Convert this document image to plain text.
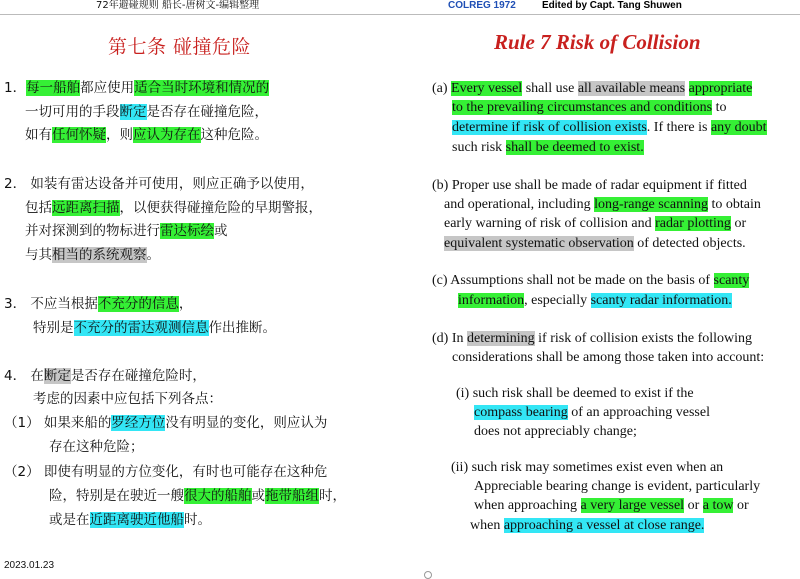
72年避碰规则 船长-唐树文-编辑整理	COLREG 1972	Edited by Capt. Tang Shuwen
第七条 碰撞危险	Rule 7 Risk of Collision
1．每一船舶都应使用适合当时环境和情况的
一切可用的手段断定是否存在碰撞危险，
如有任何怀疑，则应认为存在这种危险。
2． 如装有雷达设备并可使用，则应正确予以使用，
包括远距离扫描，以便获得碰撞危险的早期警报，
并对探测到的物标进行雷达标绘或
与其相当的系统观察。
3． 不应当根据不充分的信息，
特别是不充分的雷达观测信息作出推断。
4． 在断定是否存在碰撞危险时，
考虑的因素中应包括下列各点：
（1） 如果来船的罗经方位没有明显的变化，则应认为
存在这种危险；
（2） 即使有明显的方位变化，有时也可能存在这种危
险，特别是在驶近一艘很大的船舶或拖带船组时，
或是在近距离驶近他船时。
(a) Every vessel shall use all available means appropriate
to the prevailing circumstances and conditions to
determine if risk of collision exists. If there is any doubt
such risk shall be deemed to exist.
(b) Proper use shall be made of radar equipment if fitted
and operational, including long-range scanning to obtain
early warning of risk of collision and radar plotting or
equivalent systematic observation of detected objects.
(c) Assumptions shall not be made on the basis of scanty
information, especially scanty radar information.
(d) In determining if risk of collision exists the following
considerations shall be among those taken into account:
(i) such risk shall be deemed to exist if the
compass bearing of an approaching vessel
does not appreciably change;
(ii) such risk may sometimes exist even when an
Appreciable bearing change is evident, particularly
when approaching a very large vessel or a tow or
when approaching a vessel at close range.
2023.01.23
